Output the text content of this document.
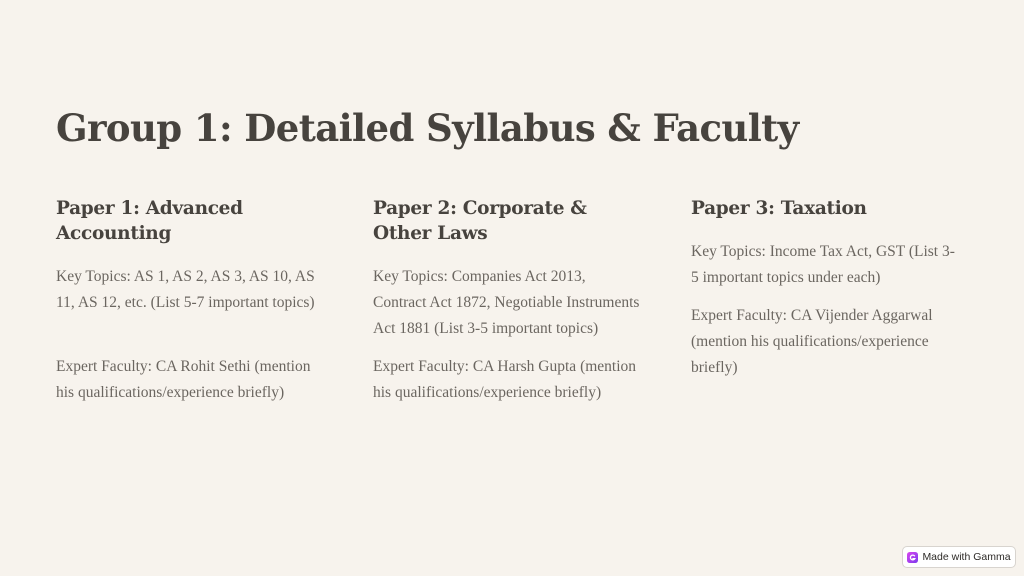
Group 1: Detailed Syllabus & Faculty
Paper 1: Advanced Accounting

Key Topics: AS 1, AS 2, AS 3, AS 10, AS 11, AS 12, etc. (List 5-7 important topics)

Expert Faculty: CA Rohit Sethi (mention his qualifications/experience briefly)

Paper 2: Corporate & Other Laws

Key Topics: Companies Act 2013, Contract Act 1872, Negotiable Instruments Act 1881 (List 3-5 important topics)

Expert Faculty: CA Harsh Gupta (mention his qualifications/experience briefly)

Paper 3: Taxation

Key Topics: Income Tax Act, GST (List 3-5 important topics under each)

Expert Faculty: CA Vijender Aggarwal (mention his qualifications/experience briefly)

Made with Gamma
